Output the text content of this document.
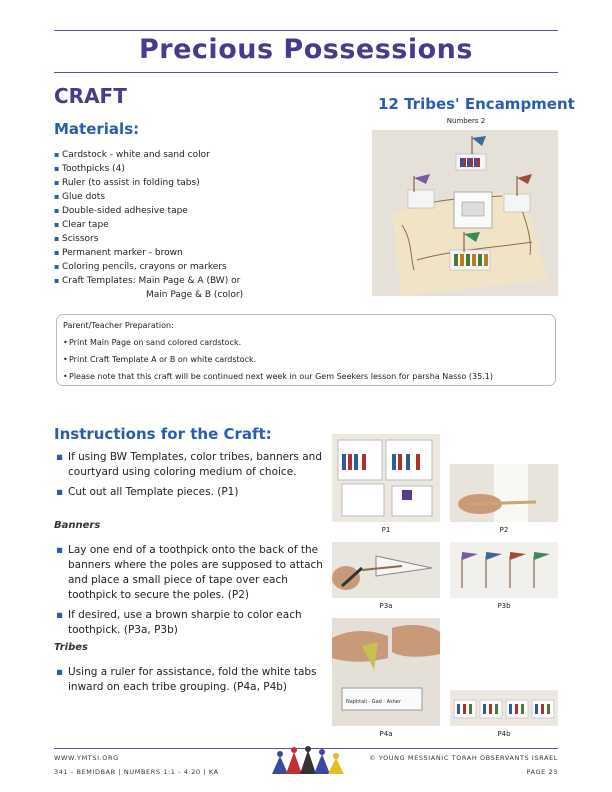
Precious Possessions
CRAFT
Materials:
▪ Cardstock - white and sand color
▪ Toothpicks (4)
▪ Ruler (to assist in folding tabs)
▪ Glue dots
▪ Double-sided adhesive tape
▪ Clear tape
▪ Scissors
▪ Permanent marker - brown
▪ Coloring pencils, crayons or markers
▪ Craft Templates: Main Page & A (BW) or
Main Page & B (color)
12 Tribes' Encampment
Numbers 2
Parent/Teacher Preparation:
• Print Main Page on sand colored cardstock.
• Print Craft Template A or B on white cardstock.
• Please note that this craft will be continued next week in our Gem Seekers lesson for parsha Nasso (35.1)
Instructions for the Craft:
▪ If using BW Templates, color tribes, banners and courtyard using coloring medium of choice.
▪ Cut out all Template pieces. (P1)
Banners
▪ Lay one end of a toothpick onto the back of the banners where the poles are supposed to attach and place a small piece of tape over each toothpick to secure the poles. (P2)
▪ If desired, use a brown sharpie to color each toothpick. (P3a, P3b)
Tribes
▪ Using a ruler for assistance, fold the white tabs inward on each tribe grouping. (P4a, P4b)
P1	P2
P3a	P3b
Naphtali · Gad · Asher
P4a	P4b
WWW.YMTSI.ORG
341 - BEMIDBAR | NUMBERS 1:1 - 4:20 | KA
© YOUNG MESSIANIC TORAH OBSERVANTS ISRAEL
PAGE 23
